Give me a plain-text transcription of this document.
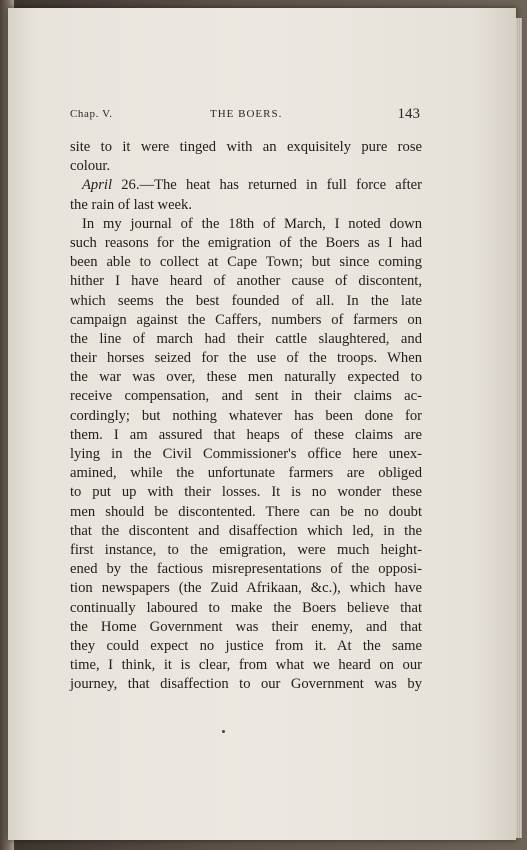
Chap. V.	THE BOERS.	143
site to it were tinged with an exquisitely pure rose
colour.
April 26.—The heat has returned in full force after
the rain of last week.
In my journal of the 18th of March, I noted down
such reasons for the emigration of the Boers as I had
been able to collect at Cape Town; but since coming
hither I have heard of another cause of discontent,
which seems the best founded of all. In the late
campaign against the Caffers, numbers of farmers on
the line of march had their cattle slaughtered, and
their horses seized for the use of the troops. When
the war was over, these men naturally expected to
receive compensation, and sent in their claims ac-
cordingly; but nothing whatever has been done for
them. I am assured that heaps of these claims are
lying in the Civil Commissioner's office here unex-
amined, while the unfortunate farmers are obliged
to put up with their losses. It is no wonder these
men should be discontented. There can be no doubt
that the discontent and disaffection which led, in the
first instance, to the emigration, were much height-
ened by the factious misrepresentations of the opposi-
tion newspapers (the Zuid Afrikaan, &c.), which have
continually laboured to make the Boers believe that
the Home Government was their enemy, and that
they could expect no justice from it. At the same
time, I think, it is clear, from what we heard on our
journey, that disaffection to our Government was by
